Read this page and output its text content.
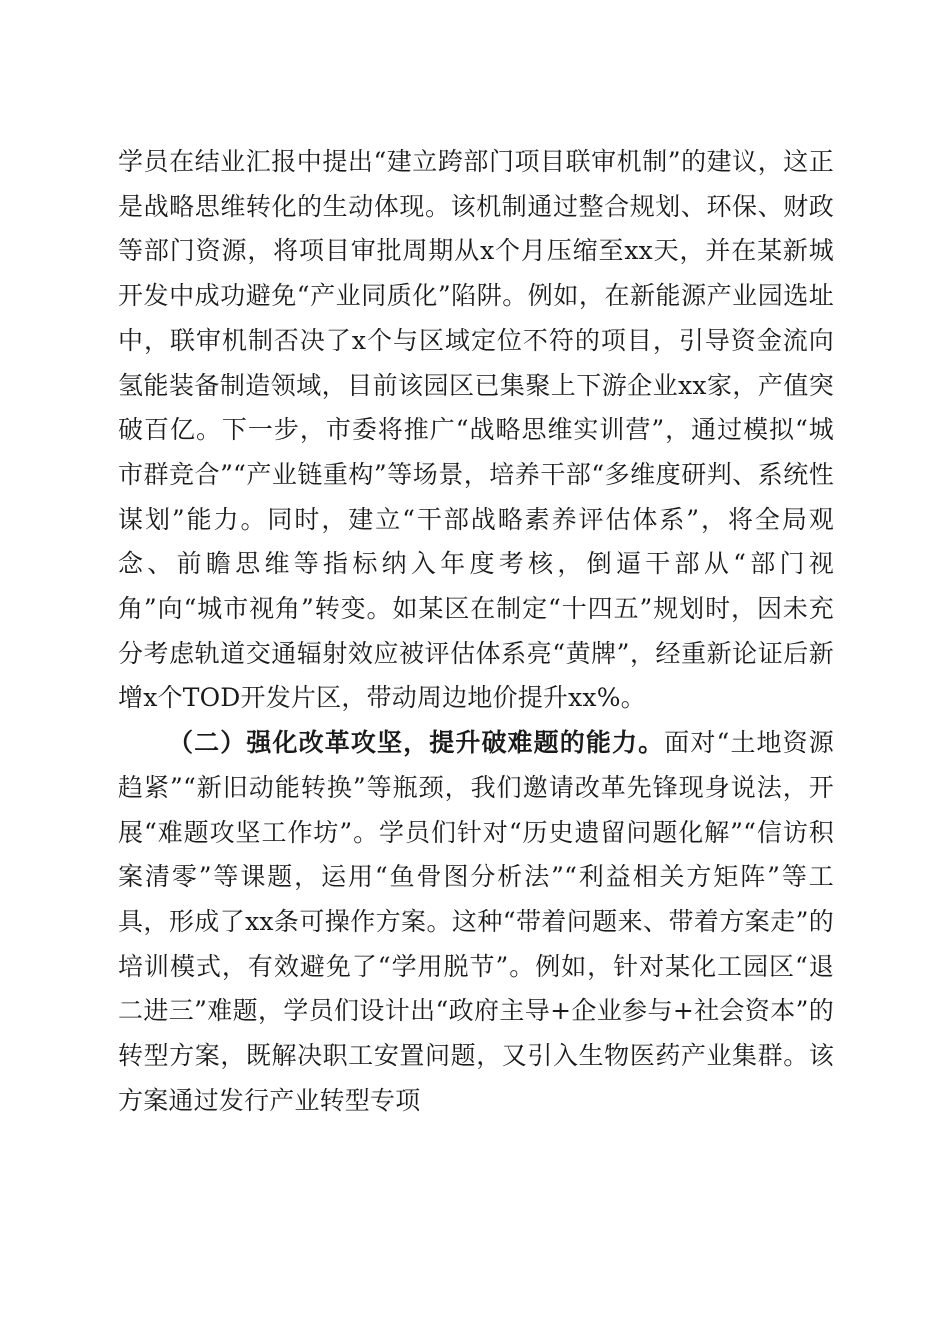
学员在结业汇报中提出“建立跨部门项目联审机制”的建议，这正是战略思维转化的生动体现。该机制通过整合规划、环保、财政等部门资源，将项目审批周期从x个月压缩至xx天，并在某新城开发中成功避免“产业同质化”陷阱。例如，在新能源产业园选址中，联审机制否决了x个与区域定位不符的项目，引导资金流向氢能装备制造领域，目前该园区已集聚上下游企业xx家，产值突破百亿。下一步，市委将推广“战略思维实训营”，通过模拟“城市群竞合”“产业链重构”等场景，培养干部“多维度研判、系统性谋划”能力。同时，建立“干部战略素养评估体系”，将全局观念、前瞻思维等指标纳入年度考核，倒逼干部从“部门视角”向“城市视角”转变。如某区在制定“十四五”规划时，因未充分考虑轨道交通辐射效应被评估体系亮“黄牌”，经重新论证后新增x个TOD开发片区，带动周边地价提升xx%。

（二）强化改革攻坚，提升破难题的能力。面对“土地资源趋紧”“新旧动能转换”等瓶颈，我们邀请改革先锋现身说法，开展“难题攻坚工作坊”。学员们针对“历史遗留问题化解”“信访积案清零”等课题，运用“鱼骨图分析法”“利益相关方矩阵”等工具，形成了xx条可操作方案。这种“带着问题来、带着方案走”的培训模式，有效避免了“学用脱节”。例如，针对某化工园区“退二进三”难题，学员们设计出“政府主导+企业参与+社会资本”的转型方案，既解决职工安置问题，又引入生物医药产业集群。该方案通过发行产业转型专项
